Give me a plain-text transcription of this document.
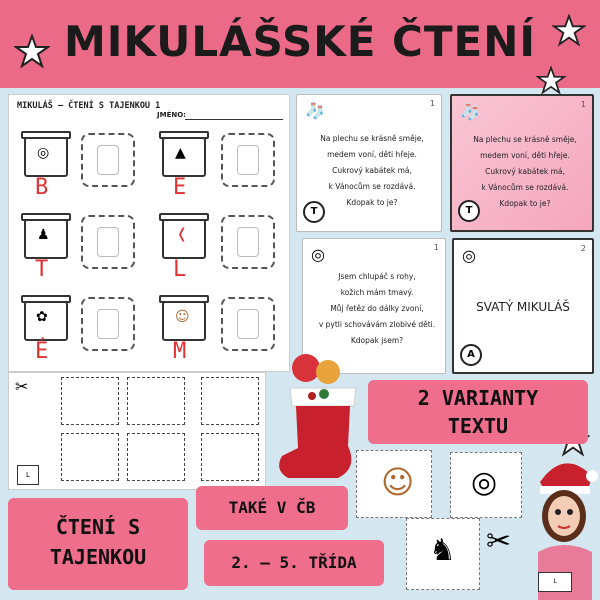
MIKULÁŠSKÉ ČTENÍ
MIKULÁŠ – ČTENÍ S TAJENKOU 1
JMÉNO:
◎
B
▲
E
♟
T
❬
L
✿
É
☺
M
✂
L
🧦	1
Na plechu se krásně směje,
medem voní, děti hřeje.
Cukrový kabátek má,
k Vánocům se rozdává.
Kdopak to je?
T
🧦	1
Na plechu se krásně směje,
medem voní, děti hřeje.
Cukrový kabátek má,
k Vánocům se rozdává.
Kdopak to je?
T
◎	1
Jsem chlupáč s rohy,
kožich mám tmavý.
Můj řetěz do dálky zvoní,
v pytli schovávám zlobivé děti.
Kdopak jsem?
◎	2
SVATÝ MIKULÁŠ
A
2 VARIANTY
TEXTU
TAKÉ V ČB
ČTENÍ S
TAJENKOU	2. – 5. TŘÍDA
☺ ◎
♞ ✂
L
